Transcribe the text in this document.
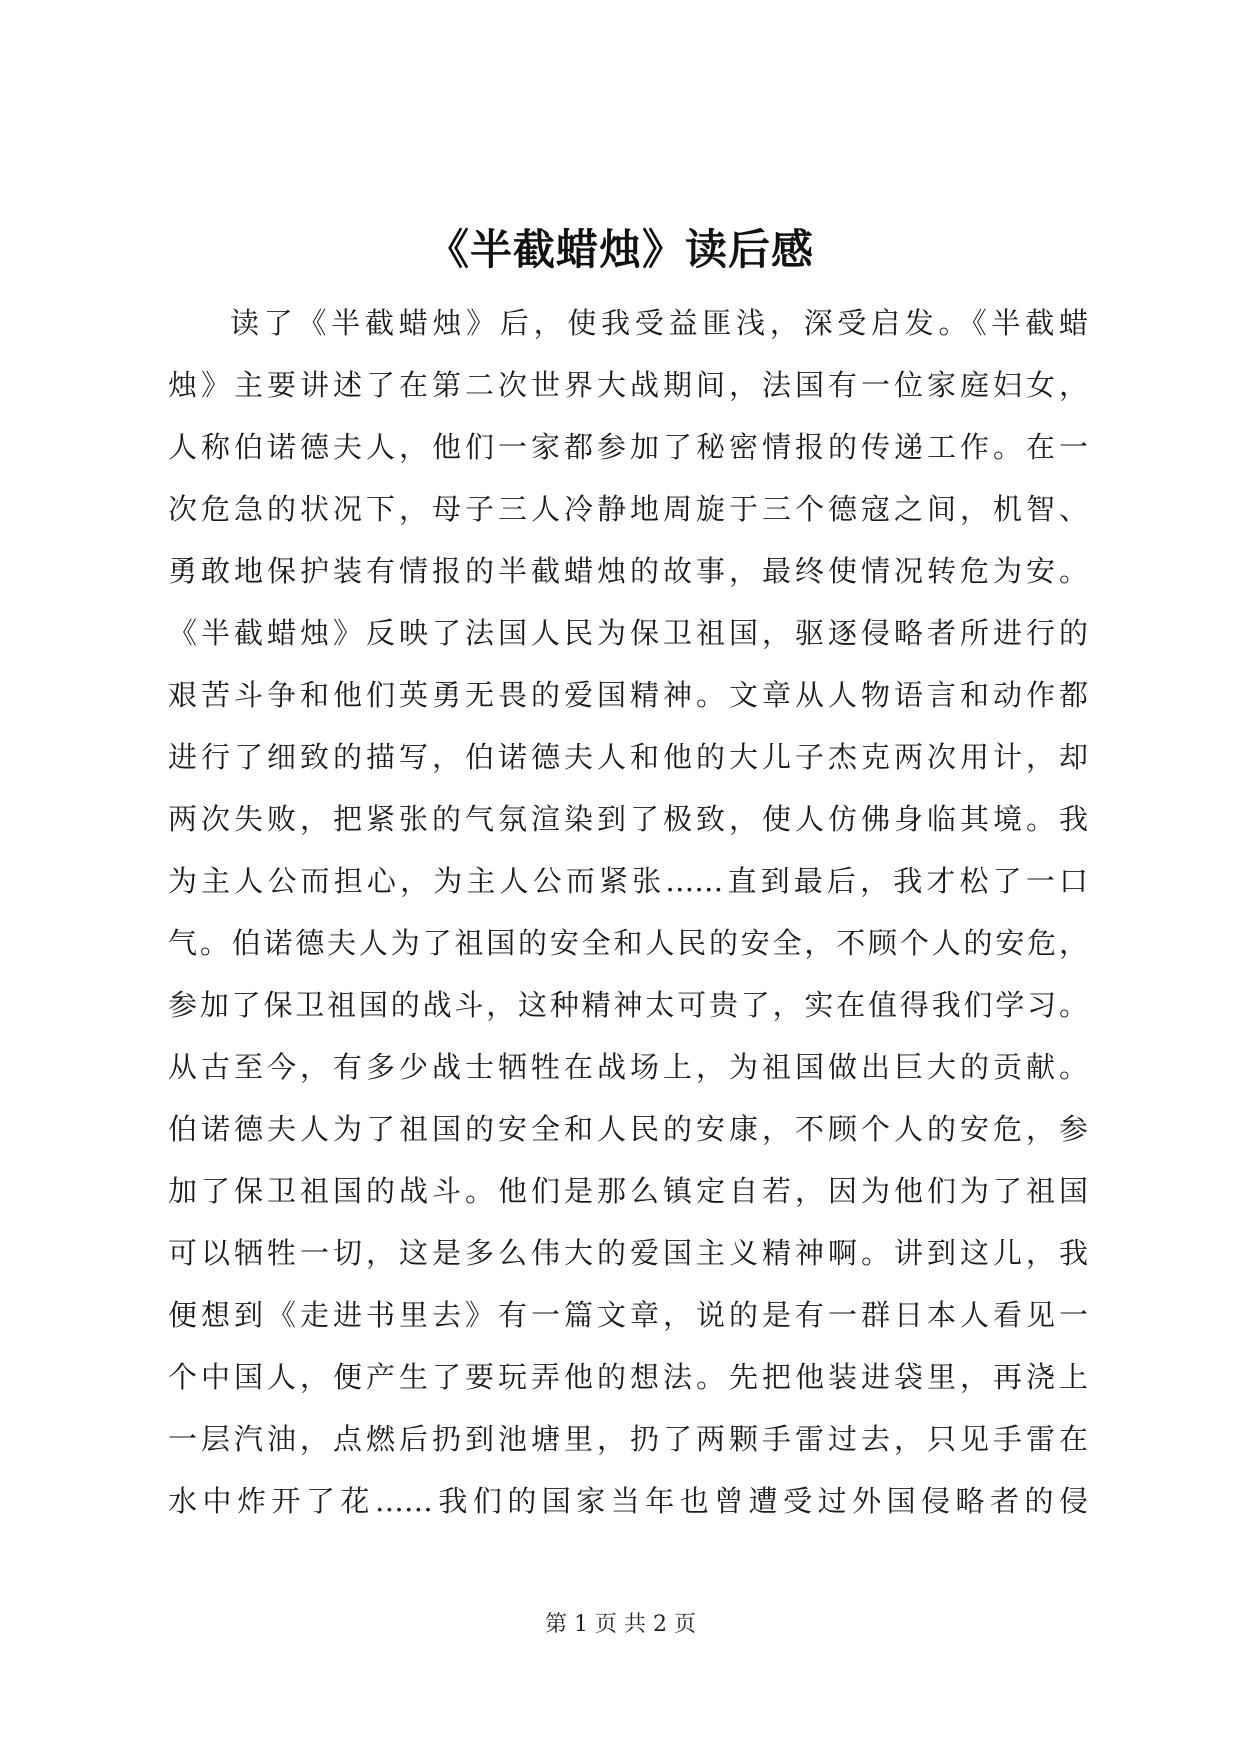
《半截蜡烛》读后感
读了《半截蜡烛》后，使我受益匪浅，深受启发。《半截蜡
烛》主要讲述了在第二次世界大战期间，法国有一位家庭妇女，
人称伯诺德夫人，他们一家都参加了秘密情报的传递工作。在一
次危急的状况下，母子三人冷静地周旋于三个德寇之间，机智、
勇敢地保护装有情报的半截蜡烛的故事，最终使情况转危为安。
《半截蜡烛》反映了法国人民为保卫祖国，驱逐侵略者所进行的
艰苦斗争和他们英勇无畏的爱国精神。文章从人物语言和动作都
进行了细致的描写，伯诺德夫人和他的大儿子杰克两次用计，却
两次失败，把紧张的气氛渲染到了极致，使人仿佛身临其境。我
为主人公而担心，为主人公而紧张……直到最后，我才松了一口
气。伯诺德夫人为了祖国的安全和人民的安全，不顾个人的安危，
参加了保卫祖国的战斗，这种精神太可贵了，实在值得我们学习。
从古至今，有多少战士牺牲在战场上，为祖国做出巨大的贡献。
伯诺德夫人为了祖国的安全和人民的安康，不顾个人的安危，参
加了保卫祖国的战斗。他们是那么镇定自若，因为他们为了祖国
可以牺牲一切，这是多么伟大的爱国主义精神啊。讲到这儿，我
便想到《走进书里去》有一篇文章，说的是有一群日本人看见一
个中国人，便产生了要玩弄他的想法。先把他装进袋里，再浇上
一层汽油，点燃后扔到池塘里，扔了两颗手雷过去，只见手雷在
水中炸开了花……我们的国家当年也曾遭受过外国侵略者的侵
第 1 页 共 2 页
